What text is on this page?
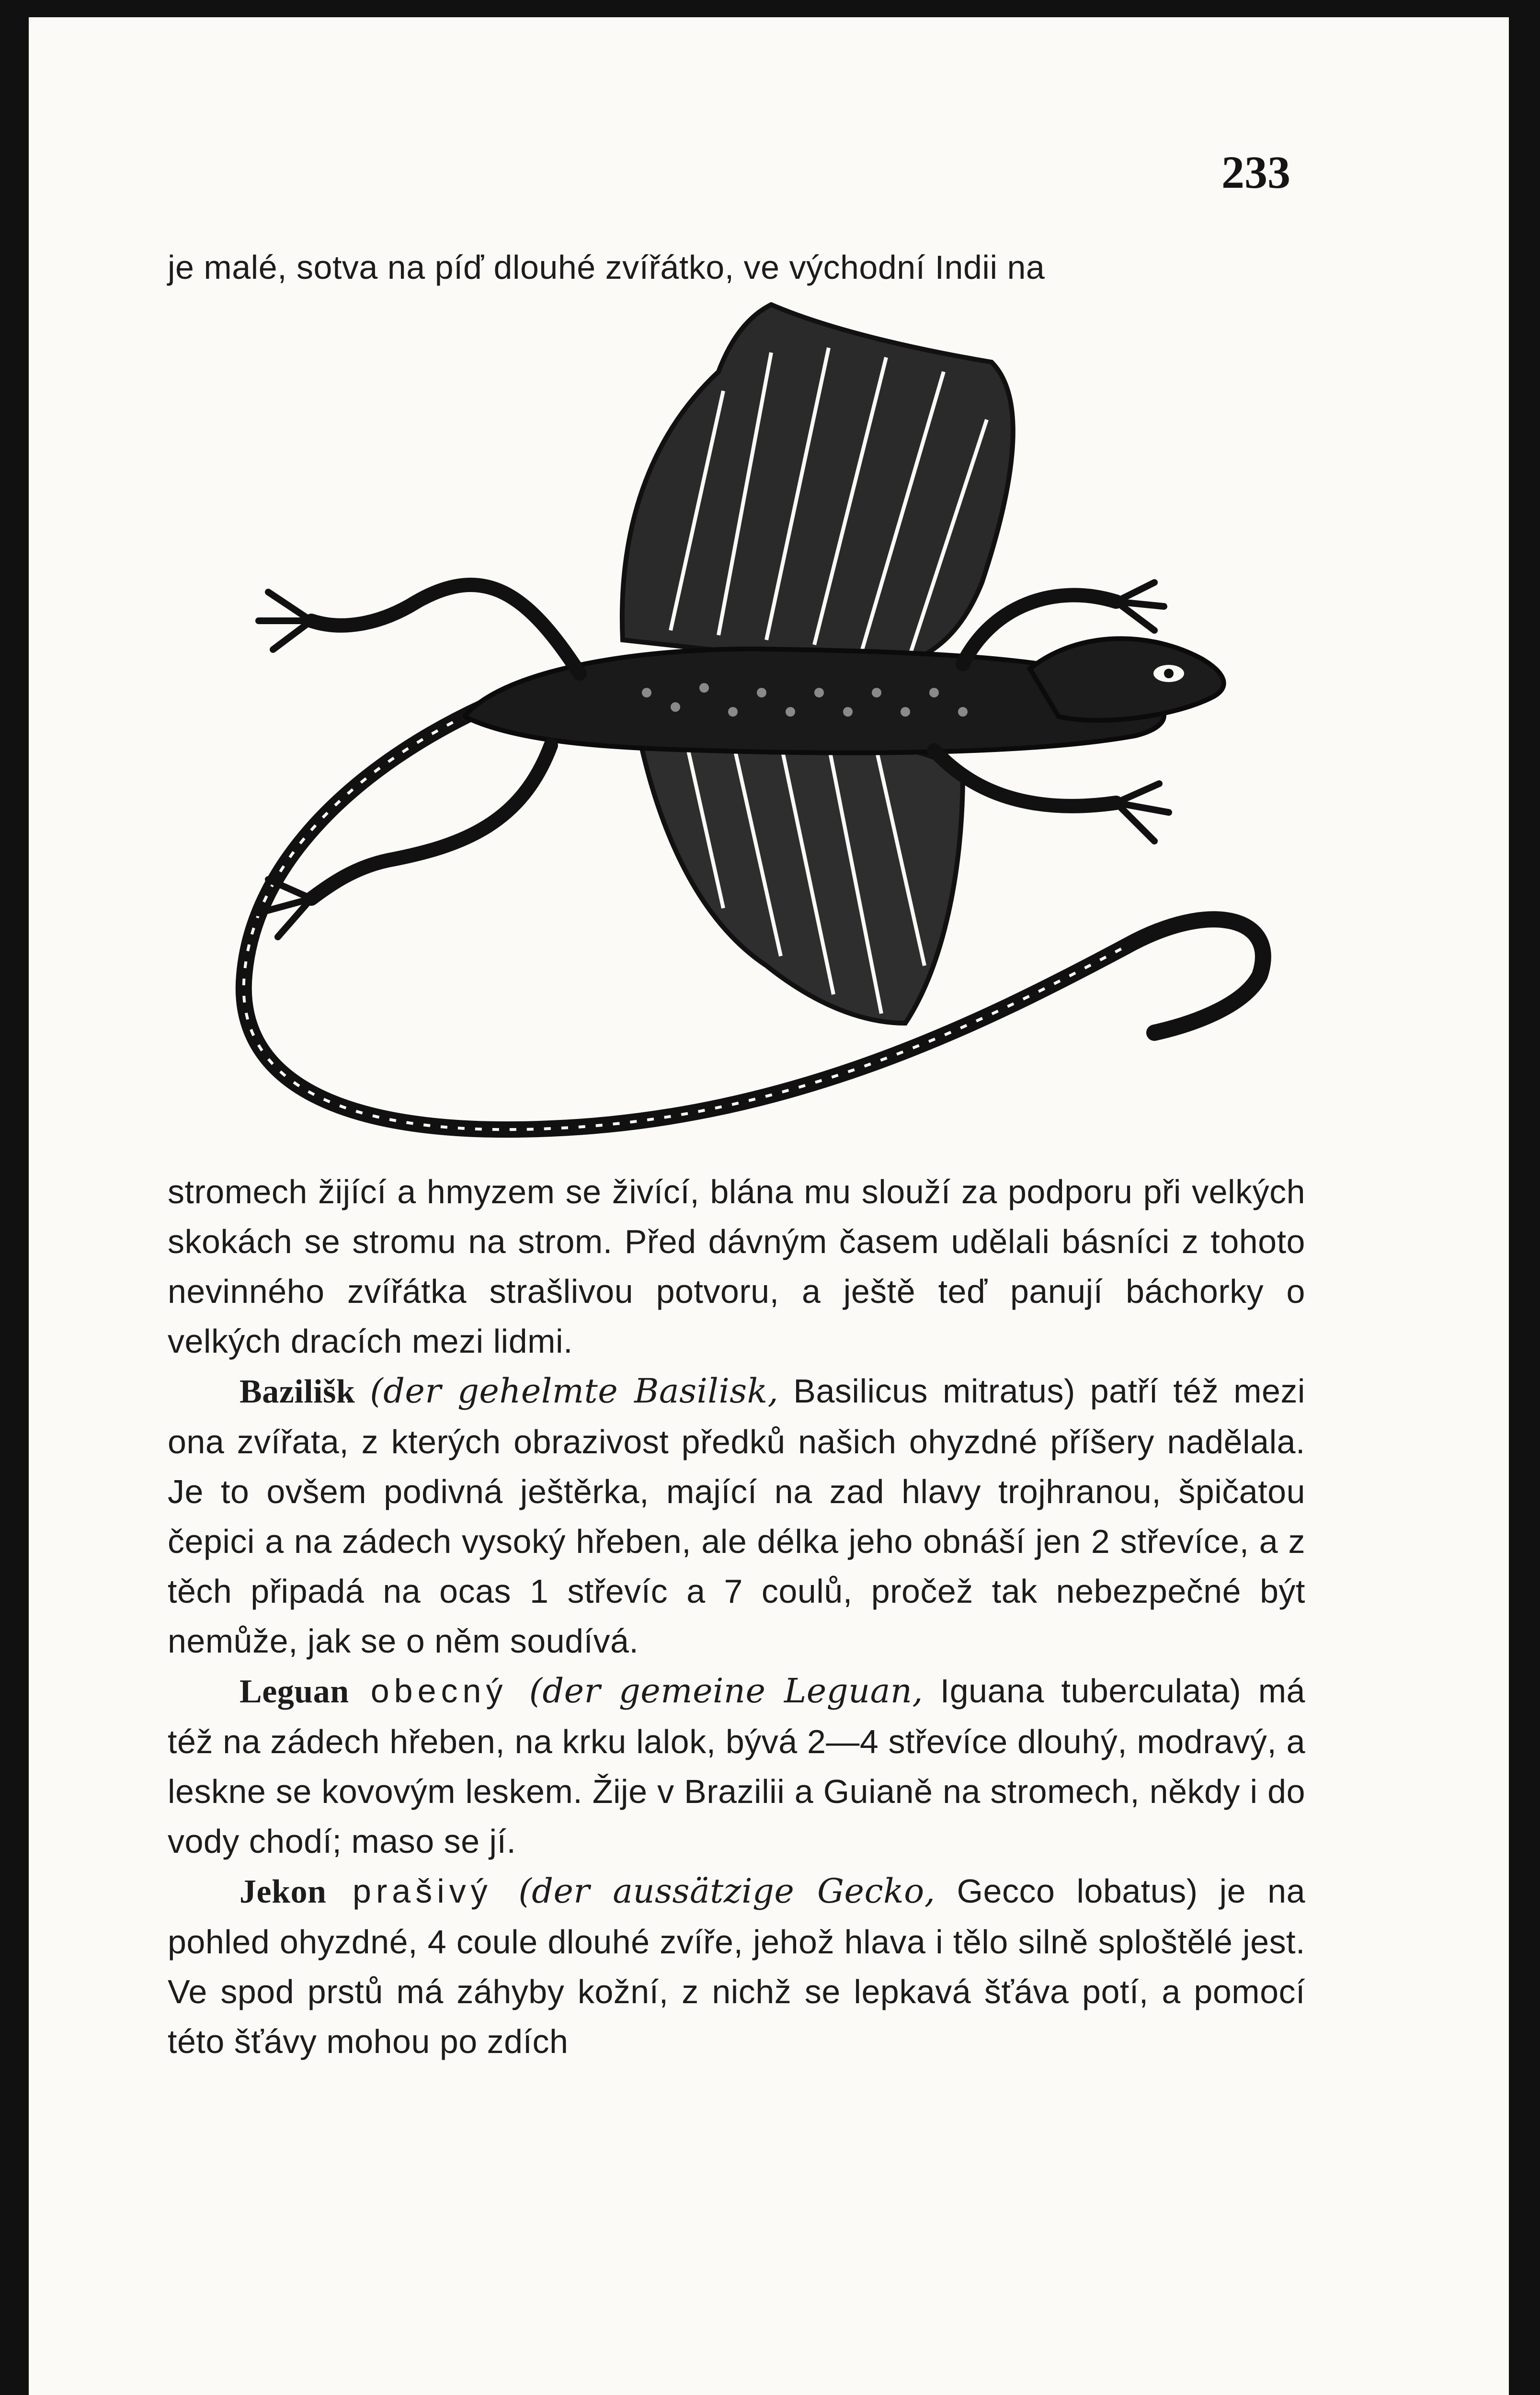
233

je malé, sotva na píď dlouhé zvířátko, ve východní Indii na

stromech žijící a hmyzem se živící, blána mu slouží za podporu při velkých skokách se stromu na strom. Před dávným časem udělali básníci z tohoto nevinného zvířátka strašlivou potvoru, a ještě teď panují báchorky o velkých dracích mezi lidmi.

Bazilišk (der gehelmte Basilisk, Basilicus mitratus) patří též mezi ona zvířata, z kterých obrazivost předků našich ohyzdné příšery nadělala. Je to ovšem podivná ještěrka, mající na zad hlavy trojhranou, špičatou čepici a na zádech vysoký hřeben, ale délka jeho obnáší jen 2 střevíce, a z těch připadá na ocas 1 střevíc a 7 coulů, pročež tak nebezpečné být nemůže, jak se o něm soudívá.

Leguan obecný (der gemeine Leguan, Iguana tuberculata) má též na zádech hřeben, na krku lalok, bývá 2—4 střevíce dlouhý, modravý, a leskne se kovovým leskem. Žije v Brazilii a Guianě na stromech, někdy i do vody chodí; maso se jí.

Jekon prašivý (der aussätzige Gecko, Gecco lobatus) je na pohled ohyzdné, 4 coule dlouhé zvíře, jehož hlava i tělo silně sploštělé jest. Ve spod prstů má záhyby kožní, z nichž se lepkavá šťáva potí, a pomocí této šťávy mohou po zdích
